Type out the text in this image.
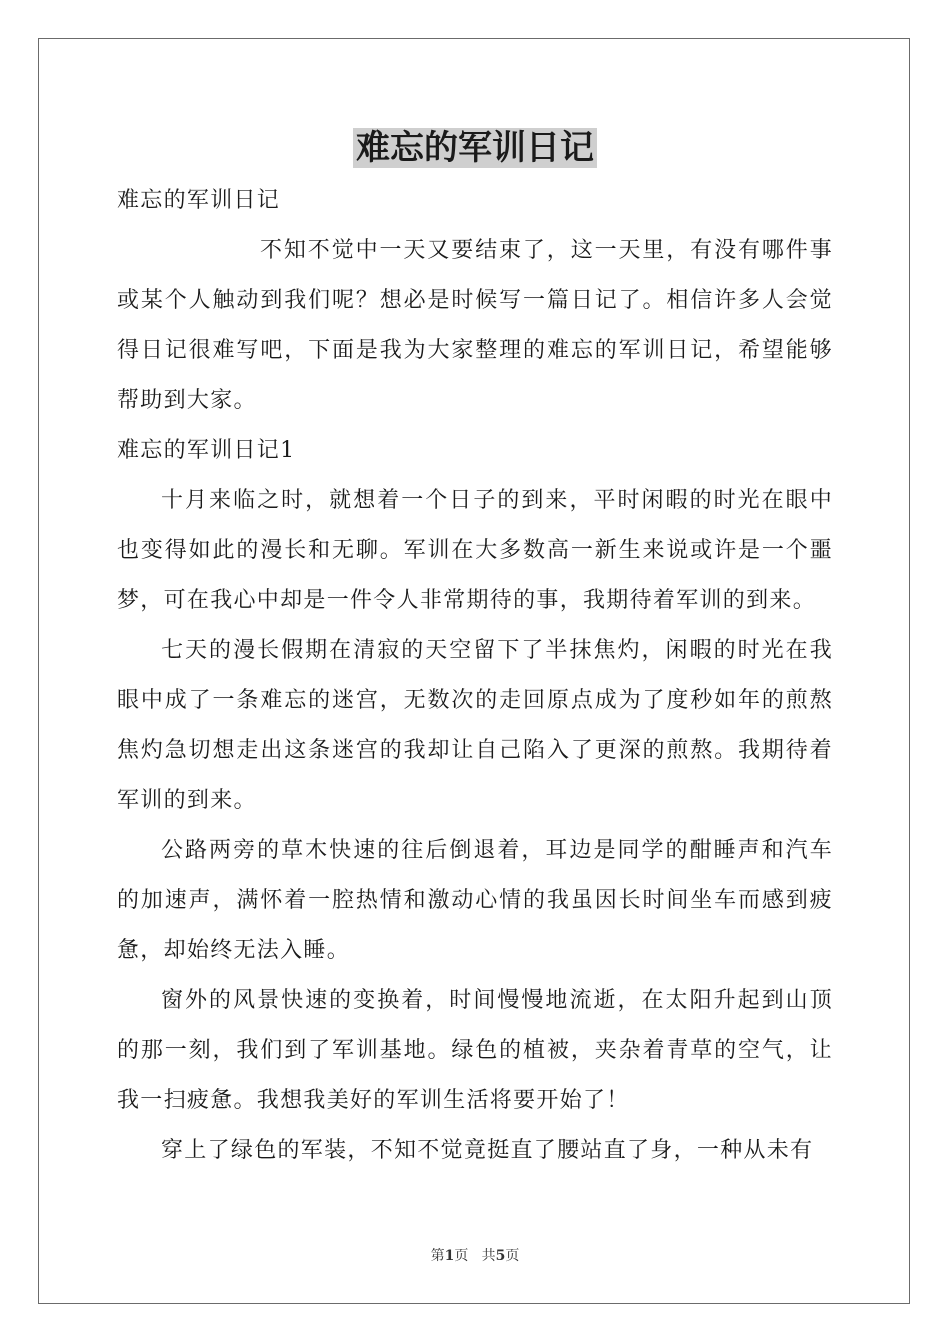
难忘的军训日记

难忘的军训日记

不知不觉中一天又要结束了，这一天里，有没有哪件事或某个人触动到我们呢？想必是时候写一篇日记了。相信许多人会觉得日记很难写吧，下面是我为大家整理的难忘的军训日记，希望能够帮助到大家。

难忘的军训日记1

十月来临之时，就想着一个日子的到来，平时闲暇的时光在眼中也变得如此的漫长和无聊。军训在大多数高一新生来说或许是一个噩梦，可在我心中却是一件令人非常期待的事，我期待着军训的到来。

七天的漫长假期在清寂的天空留下了半抹焦灼，闲暇的时光在我眼中成了一条难忘的迷宫，无数次的走回原点成为了度秒如年的煎熬焦灼急切想走出这条迷宫的我却让自己陷入了更深的煎熬。我期待着军训的到来。

公路两旁的草木快速的往后倒退着，耳边是同学的酣睡声和汽车的加速声，满怀着一腔热情和激动心情的我虽因长时间坐车而感到疲惫，却始终无法入睡。

窗外的风景快速的变换着，时间慢慢地流逝，在太阳升起到山顶的那一刻，我们到了军训基地。绿色的植被，夹杂着青草的空气，让我一扫疲惫。我想我美好的军训生活将要开始了！

穿上了绿色的军装，不知不觉竟挺直了腰站直了身，一种从未有

第1页 共5页
